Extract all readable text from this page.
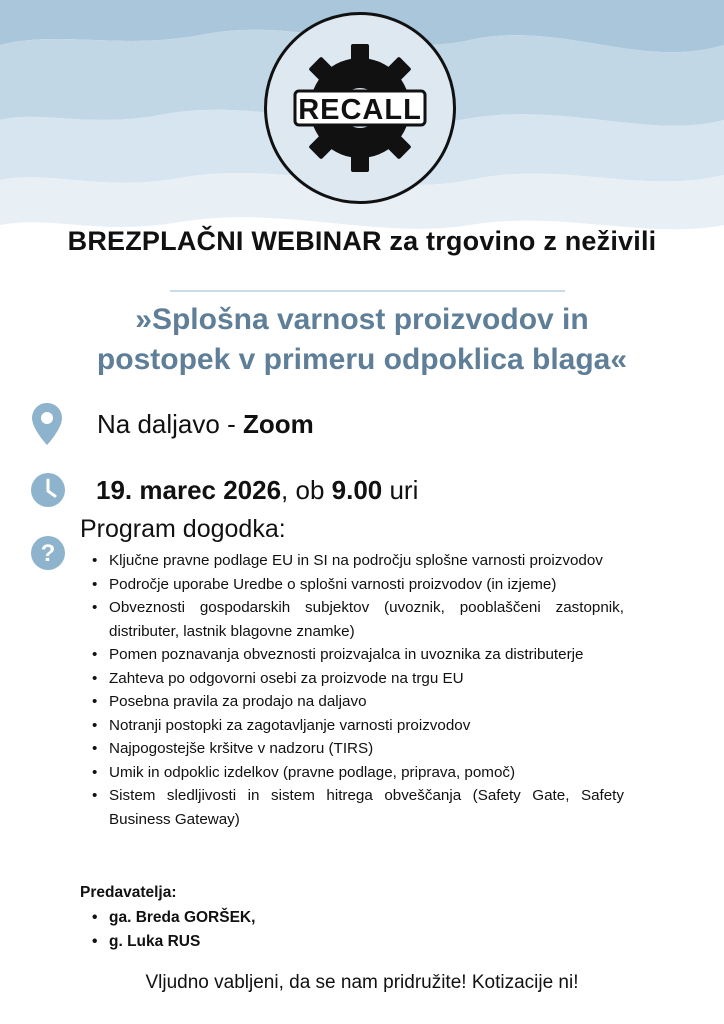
RECALL
BREZPLAČNI WEBINAR za trgovino z neživili
»Splošna varnost proizvodov in
postopek v primeru odpoklica blaga«
Na daljavo - Zoom
19. marec 2026, ob 9.00 uri
?
Program dogodka:
• Ključne pravne podlage EU in SI na področju splošne varnosti proizvodov
• Področje uporabe Uredbe o splošni varnosti proizvodov (in izjeme)
• Obveznosti gospodarskih subjektov (uvoznik, pooblaščeni zastopnik, distributer, lastnik blagovne znamke)
• Pomen poznavanja obveznosti proizvajalca in uvoznika za distributerje
• Zahteva po odgovorni osebi za proizvode na trgu EU
• Posebna pravila za prodajo na daljavo
• Notranji postopki za zagotavljanje varnosti proizvodov
• Najpogostejše kršitve v nadzoru (TIRS)
• Umik in odpoklic izdelkov (pravne podlage, priprava, pomoč)
• Sistem sledljivosti in sistem hitrega obveščanja (Safety Gate, Safety Business Gateway)
Predavatelja:
• ga. Breda GORŠEK,
• g. Luka RUS
Vljudno vabljeni, da se nam pridružite! Kotizacije ni!
